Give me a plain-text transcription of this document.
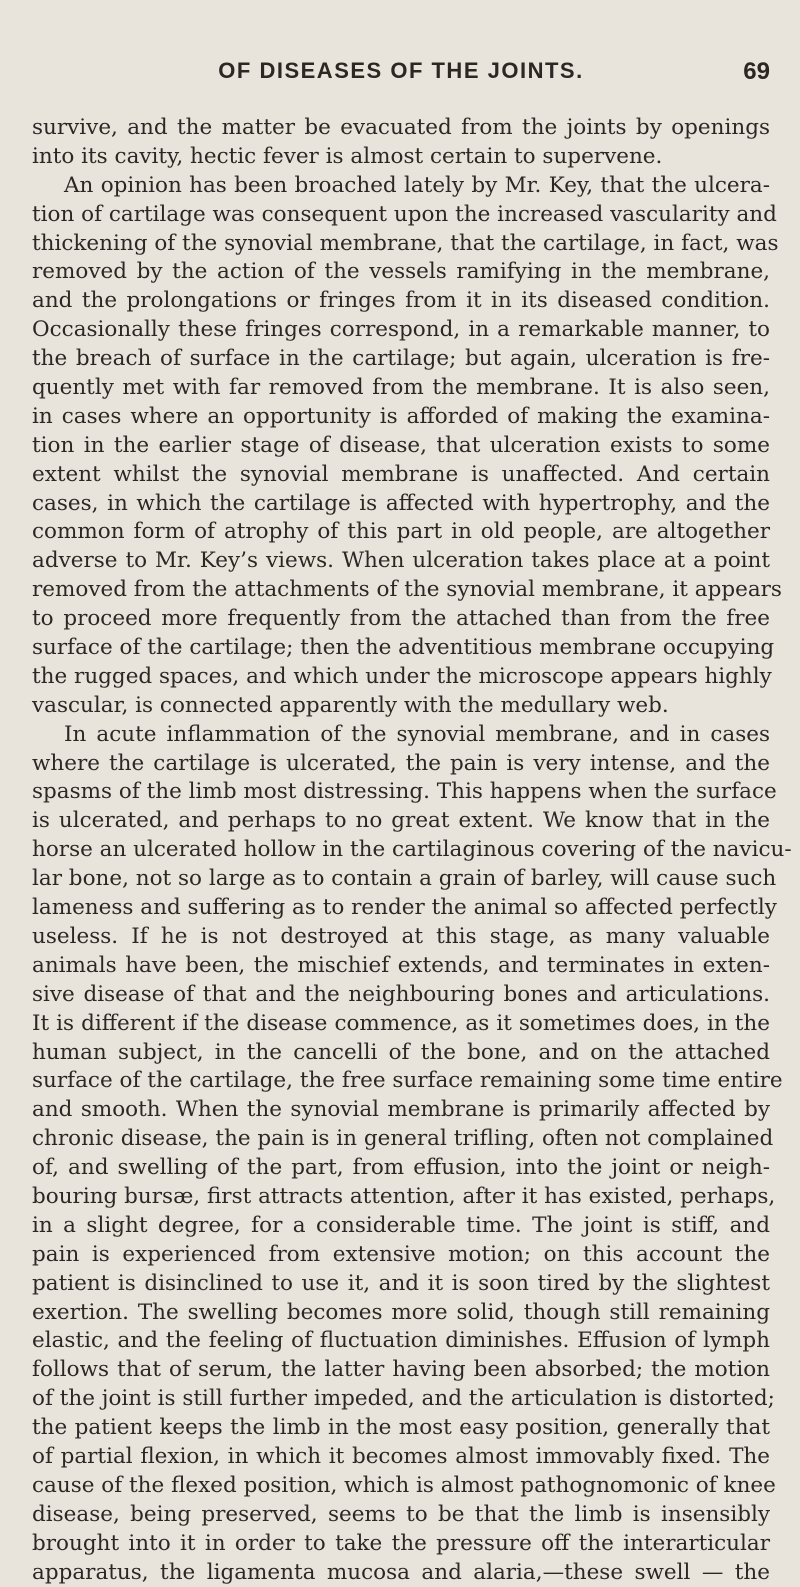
OF DISEASES OF THE JOINTS.	69
survive, and the matter be evacuated from the joints by openings
into its cavity, hectic fever is almost certain to supervene.
An opinion has been broached lately by Mr. Key, that the ulcera-
tion of cartilage was consequent upon the increased vascularity and
thickening of the synovial membrane, that the cartilage, in fact, was
removed by the action of the vessels ramifying in the membrane,
and the prolongations or fringes from it in its diseased condition.
Occasionally these fringes correspond, in a remarkable manner, to
the breach of surface in the cartilage; but again, ulceration is fre-
quently met with far removed from the membrane. It is also seen,
in cases where an opportunity is afforded of making the examina-
tion in the earlier stage of disease, that ulceration exists to some
extent whilst the synovial membrane is unaffected. And certain
cases, in which the cartilage is affected with hypertrophy, and the
common form of atrophy of this part in old people, are altogether
adverse to Mr. Key’s views. When ulceration takes place at a point
removed from the attachments of the synovial membrane, it appears
to proceed more frequently from the attached than from the free
surface of the cartilage; then the adventitious membrane occupying
the rugged spaces, and which under the microscope appears highly
vascular, is connected apparently with the medullary web.
In acute inflammation of the synovial membrane, and in cases
where the cartilage is ulcerated, the pain is very intense, and the
spasms of the limb most distressing. This happens when the surface
is ulcerated, and perhaps to no great extent. We know that in the
horse an ulcerated hollow in the cartilaginous covering of the navicu-
lar bone, not so large as to contain a grain of barley, will cause such
lameness and suffering as to render the animal so affected perfectly
useless. If he is not destroyed at this stage, as many valuable
animals have been, the mischief extends, and terminates in exten-
sive disease of that and the neighbouring bones and articulations.
It is different if the disease commence, as it sometimes does, in the
human subject, in the cancelli of the bone, and on the attached
surface of the cartilage, the free surface remaining some time entire
and smooth. When the synovial membrane is primarily affected by
chronic disease, the pain is in general trifling, often not complained
of, and swelling of the part, from effusion, into the joint or neigh-
bouring bursæ, first attracts attention, after it has existed, perhaps,
in a slight degree, for a considerable time. The joint is stiff, and
pain is experienced from extensive motion; on this account the
patient is disinclined to use it, and it is soon tired by the slightest
exertion. The swelling becomes more solid, though still remaining
elastic, and the feeling of fluctuation diminishes. Effusion of lymph
follows that of serum, the latter having been absorbed; the motion
of the joint is still further impeded, and the articulation is distorted;
the patient keeps the limb in the most easy position, generally that
of partial flexion, in which it becomes almost immovably fixed. The
cause of the flexed position, which is almost pathognomonic of knee
disease, being preserved, seems to be that the limb is insensibly
brought into it in order to take the pressure off the interarticular
apparatus, the ligamenta mucosa and alaria,—these swell — the
